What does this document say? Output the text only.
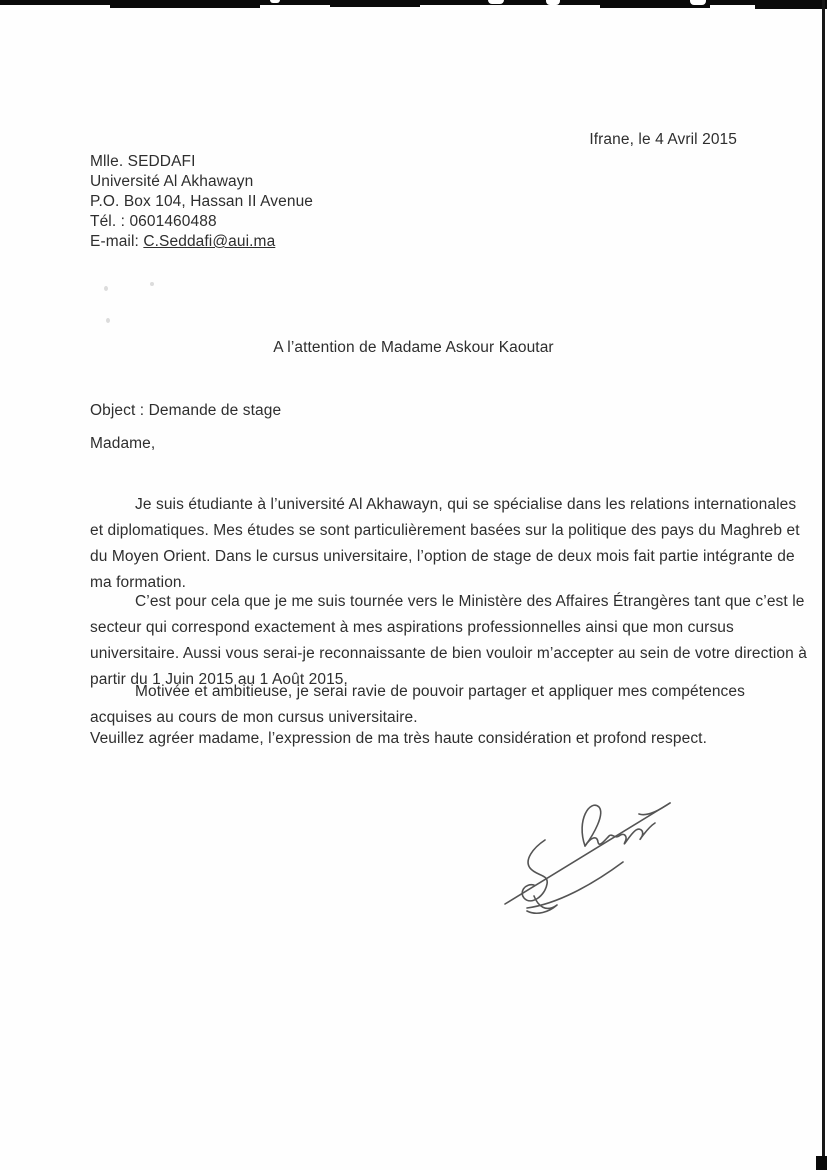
Ifrane, le 4 Avril 2015
Mlle. SEDDAFI
Université Al Akhawayn
P.O. Box 104, Hassan II Avenue
Tél. : 0601460488
E-mail: C.Seddafi@aui.ma
A l’attention de Madame Askour Kaoutar
Object : Demande de stage
Madame,
Je suis étudiante à l’université Al Akhawayn, qui se spécialise dans les relations internationales
et diplomatiques. Mes études se sont particulièrement basées sur la politique des pays du Maghreb et
du Moyen Orient. Dans le cursus universitaire, l’option de stage de deux mois fait partie intégrante de
ma formation.
C’est pour cela que je me suis tournée vers le Ministère des Affaires Étrangères tant que c’est le
secteur qui correspond exactement à mes aspirations professionnelles ainsi que mon cursus
universitaire. Aussi vous serai-je reconnaissante de bien vouloir m’accepter au sein de votre direction à
partir du 1 Juin 2015 au 1 Août 2015.
Motivée et ambitieuse, je serai ravie de pouvoir partager et appliquer mes compétences
acquises au cours de mon cursus universitaire.
Veuillez agréer madame, l’expression de ma très haute considération et profond respect.
